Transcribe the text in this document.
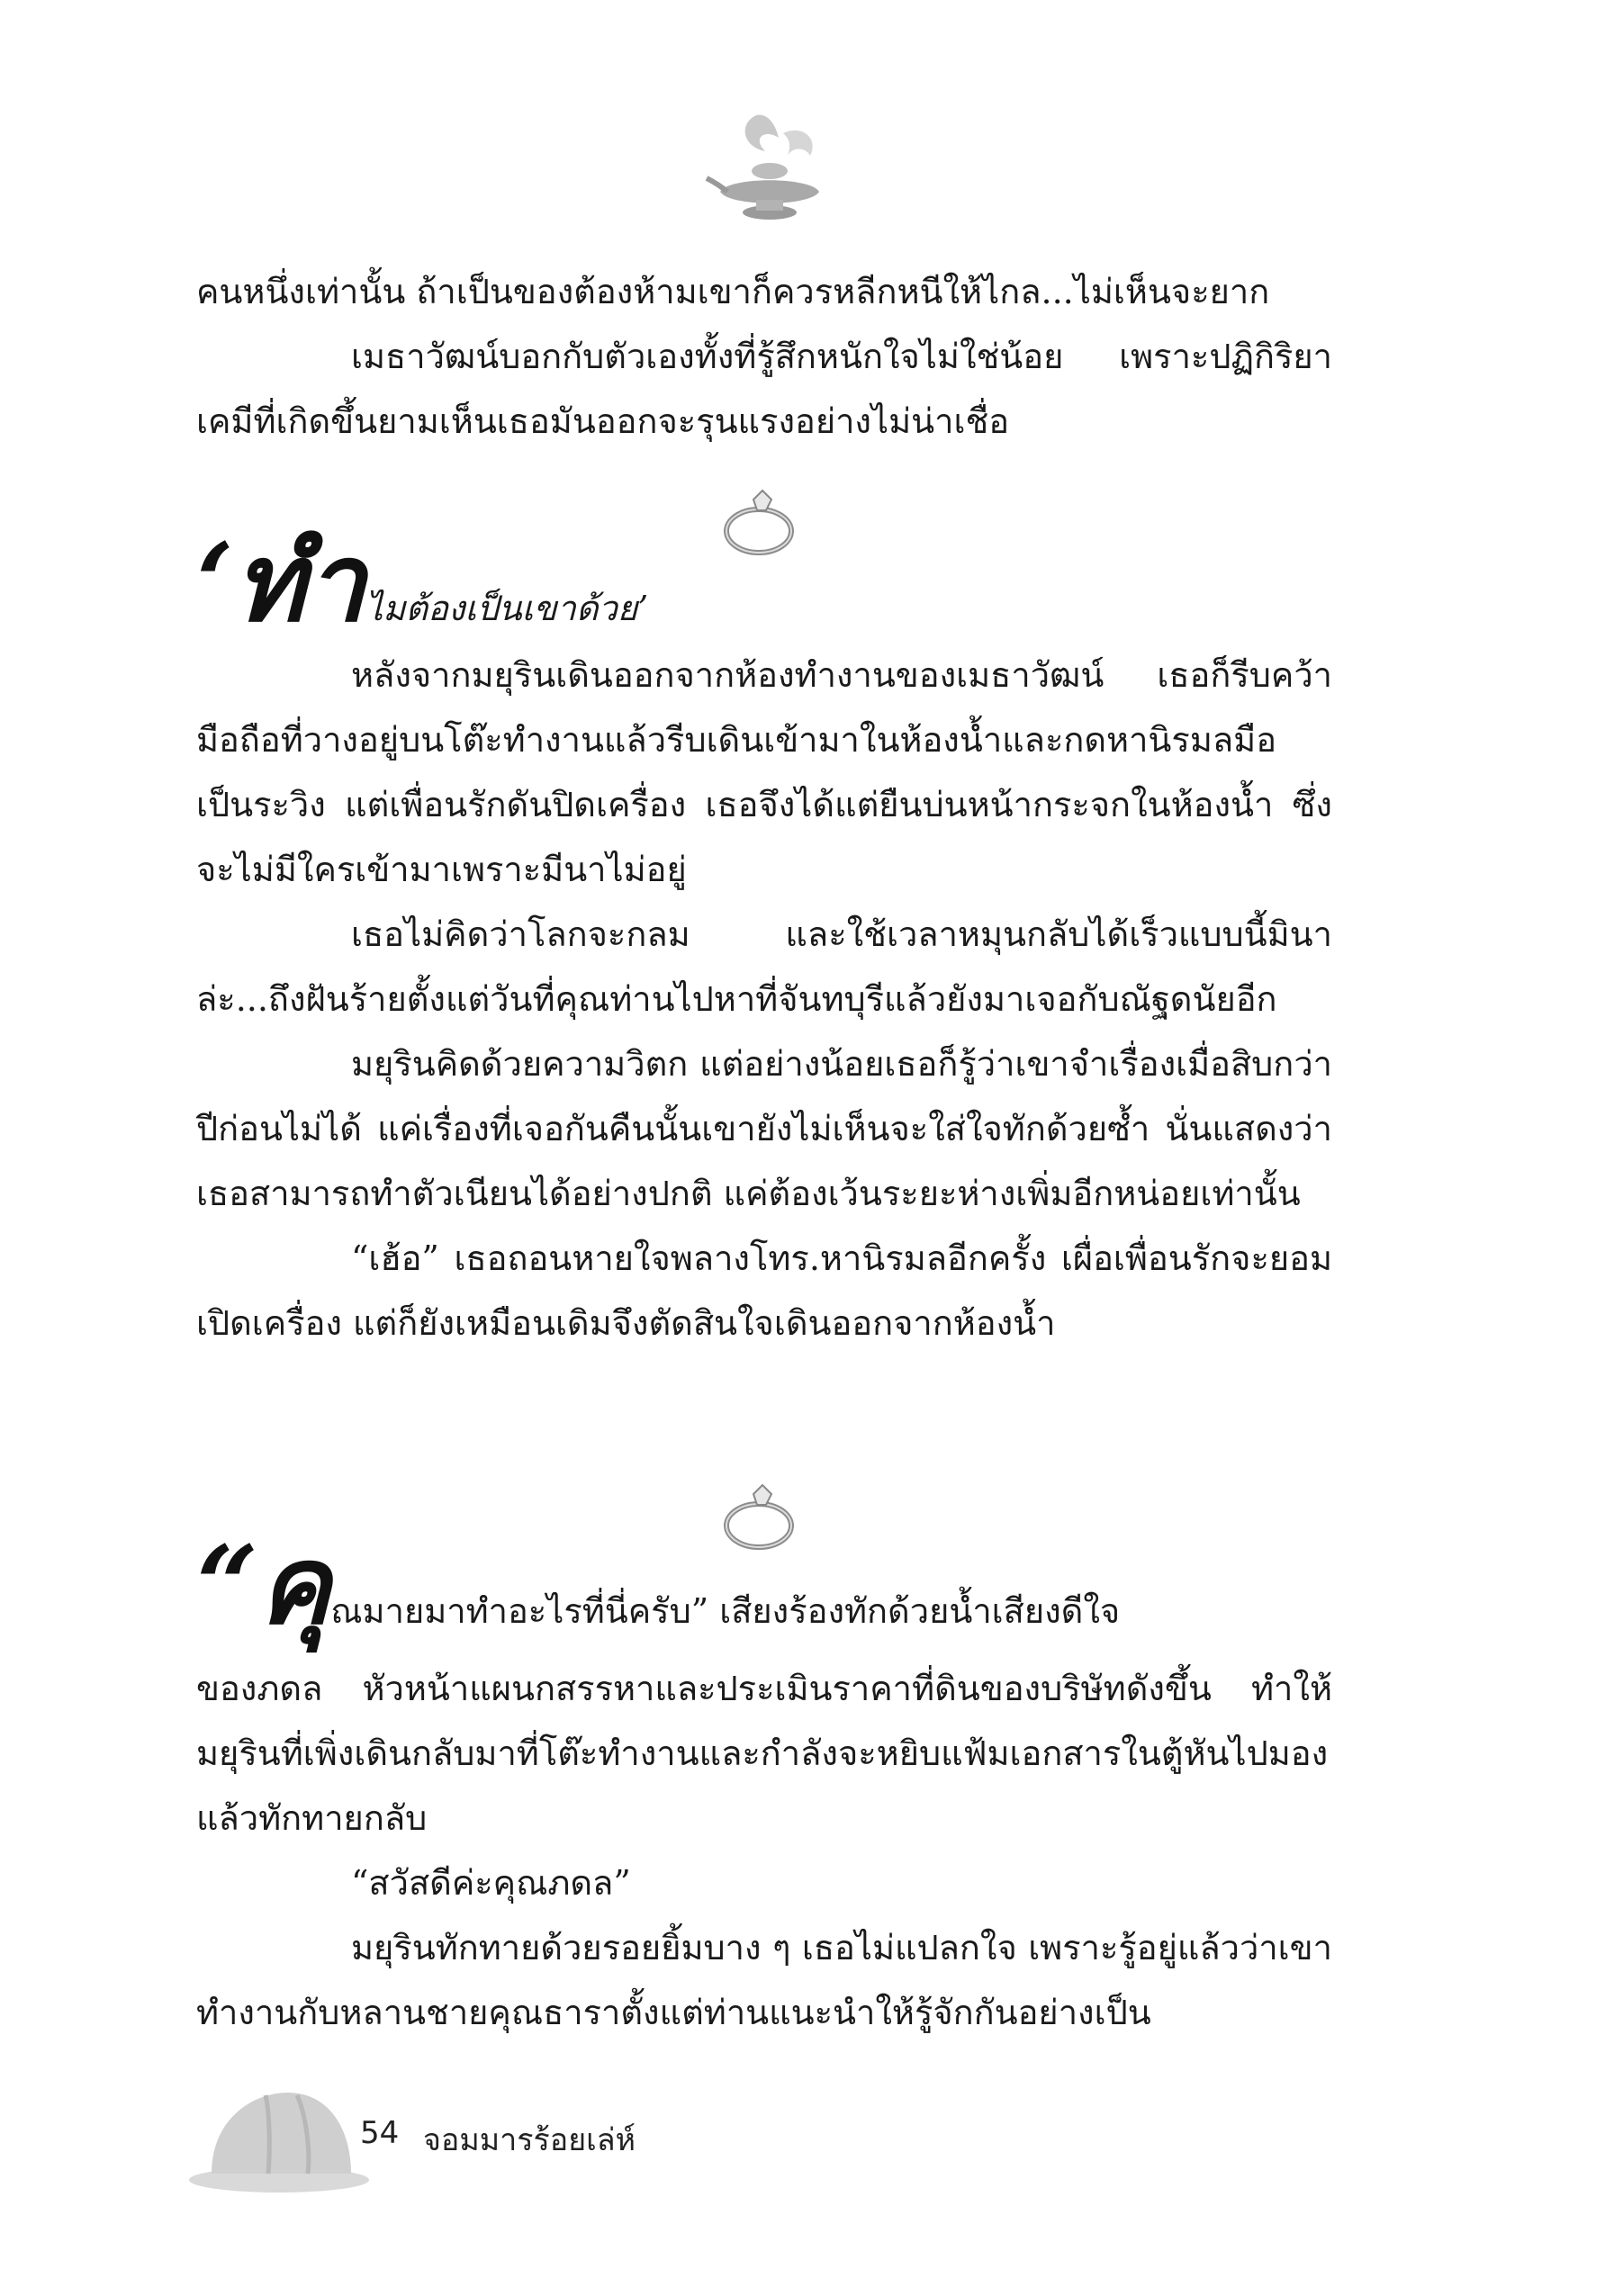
คนหนึ่งเท่านั้น ถ้าเป็นของต้องห้ามเขาก็ควรหลีกหนีให้ไกล...ไม่เห็นจะยาก

เมธาวัฒน์บอกกับตัวเองทั้งที่รู้สึกหนักใจไม่ใช่น้อย เพราะปฏิกิริยาเคมีที่เกิดขึ้นยามเห็นเธอมันออกจะรุนแรงอย่างไม่น่าเชื่อ

‘ทำไมต้องเป็นเขาด้วย’

หลังจากมยุรินเดินออกจากห้องทำงานของเมธาวัฒน์ เธอก็รีบคว้ามือถือที่วางอยู่บนโต๊ะทำงานแล้วรีบเดินเข้ามาในห้องน้ำและกดหานิรมลมือเป็นระวิง แต่เพื่อนรักดันปิดเครื่อง เธอจึงได้แต่ยืนบ่นหน้ากระจกในห้องน้ำ ซึ่งจะไม่มีใครเข้ามาเพราะมีนาไม่อยู่

เธอไม่คิดว่าโลกจะกลม และใช้เวลาหมุนกลับได้เร็วแบบนี้มินาล่ะ...ถึงฝันร้ายตั้งแต่วันที่คุณท่านไปหาที่จันทบุรีแล้วยังมาเจอกับณัฐดนัยอีก

มยุรินคิดด้วยความวิตก แต่อย่างน้อยเธอก็รู้ว่าเขาจำเรื่องเมื่อสิบกว่าปีก่อนไม่ได้ แค่เรื่องที่เจอกันคืนนั้นเขายังไม่เห็นจะใส่ใจทักด้วยซ้ำ นั่นแสดงว่าเธอสามารถทำตัวเนียนได้อย่างปกติ แค่ต้องเว้นระยะห่างเพิ่มอีกหน่อยเท่านั้น

“เฮ้อ” เธอถอนหายใจพลางโทร.หานิรมลอีกครั้ง เผื่อเพื่อนรักจะยอมเปิดเครื่อง แต่ก็ยังเหมือนเดิมจึงตัดสินใจเดินออกจากห้องน้ำ

“คุณมายมาทำอะไรที่นี่ครับ” เสียงร้องทักด้วยน้ำเสียงดีใจ

ของภดล หัวหน้าแผนกสรรหาและประเมินราคาที่ดินของบริษัทดังขึ้น ทำให้มยุรินที่เพิ่งเดินกลับมาที่โต๊ะทำงานและกำลังจะหยิบแฟ้มเอกสารในตู้หันไปมองแล้วทักทายกลับ

“สวัสดีค่ะคุณภดล”

มยุรินทักทายด้วยรอยยิ้มบาง ๆ เธอไม่แปลกใจ เพราะรู้อยู่แล้วว่าเขาทำงานกับหลานชายคุณธาราตั้งแต่ท่านแนะนำให้รู้จักกันอย่างเป็น

54 จอมมารร้อยเล่ห์
